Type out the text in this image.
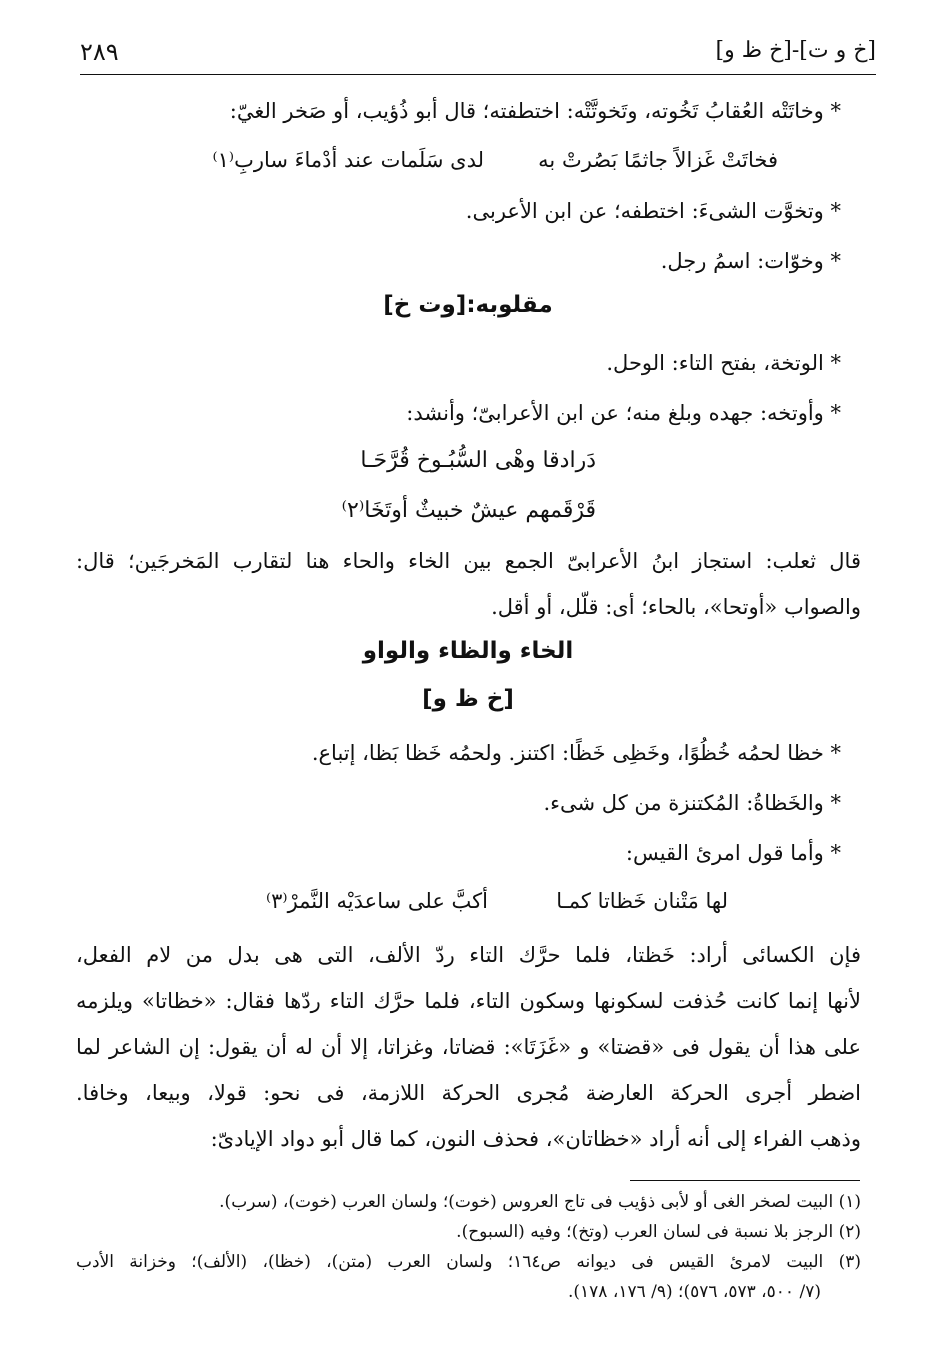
[خ و ت]-[خ ظ و]
٢٨٩
* وخاتَتْه العُقابُ تَخُوته، وتَخوتَّتْه: اختطفته؛ قال أبو ذُؤيب، أو صَخر الغيّ:
فخاتَتْ غَزالاً جاثمًا بَصُرتْ به
لدى سَلَمات عند أدْماءَ ساربِ⁽١⁾
* وتخوَّت الشىءَ: اختطفه؛ عن ابن الأعربى.
* وخوّات: اسمُ رجل.
مقلوبه:[وت خ]
* الوتخة، بفتح التاء: الوحل.
* وأوتخه: جهده وبلغ منه؛ عن ابن الأعرابىّ؛ وأنشد:
دَرادقا وهْى السُّبُـوخ قُرَّحَـا
قَرْقَمهم عيشٌ خبيثٌ أوتَخَا⁽٢⁾
قال ثعلب: استجاز ابنُ الأعرابىّ الجمع بين الخاء والحاء هنا لتقارب المَخرجَين؛ قال:
والصواب «أوتحا»، بالحاء؛ أى: قلّل، أو أقل.
الخاء والظاء والواو
[خ ظ و]
* خظا لحمُه خُظُوًا، وخَظِى خَظًا: اكتنز. ولحمُه خَظا بَظا، إتباع.
* والخَظاةُ: المُكتنزة من كل شىء.
* وأما قول امرئ القيس:
لها مَتْنان خَظاتا كمـا
أكبَّ على ساعدَيْه النَّمرْ⁽٣⁾
فإن الكسائى أراد: خَظتا، فلما حرَّك التاء ردّ الألف، التى هى بدل من لام الفعل،
لأنها إنما كانت حُذفت لسكونها وسكون التاء، فلما حرَّك التاء ردّها فقال: «خظاتا» ويلزمه
على هذا أن يقول فى «قضتا» و «غَزَتَا»: قضاتا، وغزاتا، إلا أن له أن يقول: إن الشاعر لما
اضطر أجرى الحركة العارضة مُجرى الحركة اللازمة، فى نحو: قولا، وبيعا، وخافا.
وذهب الفراء إلى أنه أراد «خظاتان»، فحذف النون، كما قال أبو دواد الإيادىّ:
(١) البيت لصخر الغى أو لأبى ذؤيب فى تاج العروس (خوت)؛ ولسان العرب (خوت)، (سرب).
(٢) الرجز بلا نسبة فى لسان العرب (وتخ)؛ وفيه (السبوح).
(٣) البيت لامرئ القيس فى ديوانه ص١٦٤؛ ولسان العرب (متن)، (خظا)، (الألف)؛ وخزانة الأدب
(٧/ ٥٠٠، ٥٧٣، ٥٧٦)؛ (٩/ ١٧٦، ١٧٨).
